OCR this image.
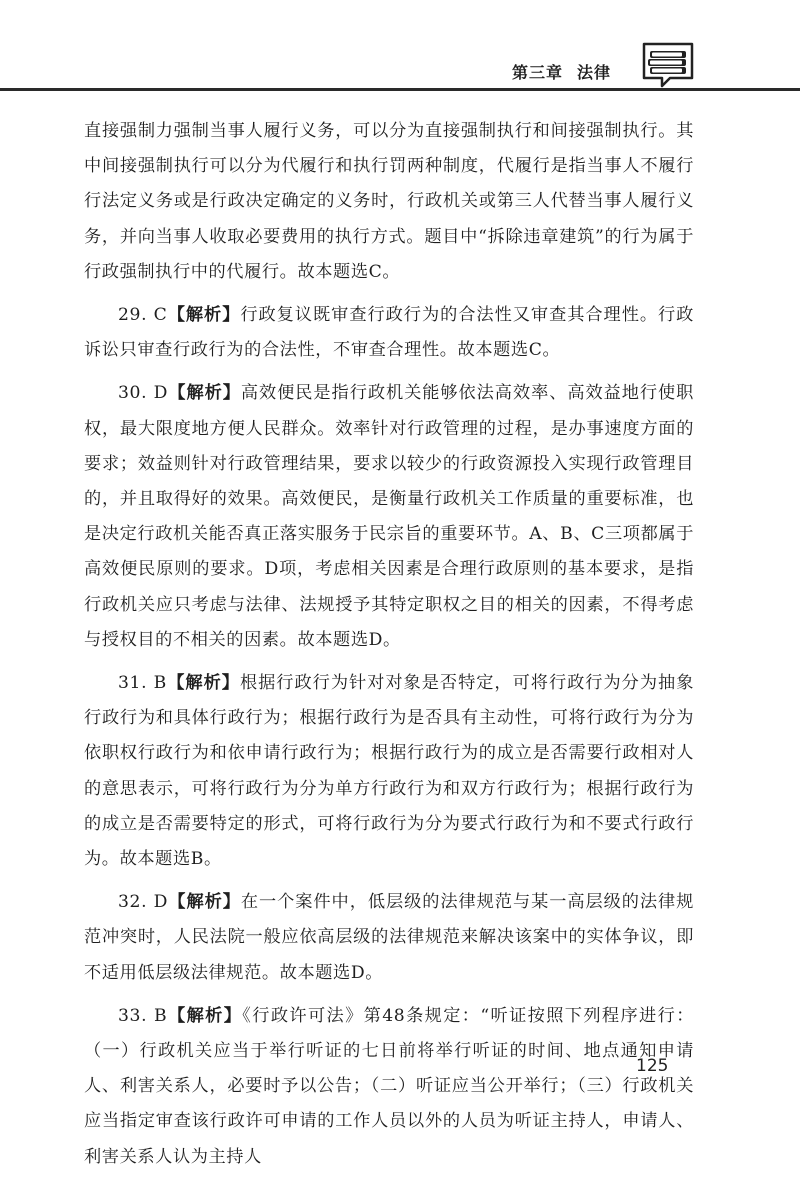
第三章 法律

直接强制力强制当事人履行义务，可以分为直接强制执行和间接强制执行。其中间接强制执行可以分为代履行和执行罚两种制度，代履行是指当事人不履行行法定义务或是行政决定确定的义务时，行政机关或第三人代替当事人履行义务，并向当事人收取必要费用的执行方式。题目中“拆除违章建筑”的行为属于行政强制执行中的代履行。故本题选C。

29. C【解析】行政复议既审查行政行为的合法性又审查其合理性。行政诉讼只审查行政行为的合法性，不审查合理性。故本题选C。

30. D【解析】高效便民是指行政机关能够依法高效率、高效益地行使职权，最大限度地方便人民群众。效率针对行政管理的过程，是办事速度方面的要求；效益则针对行政管理结果，要求以较少的行政资源投入实现行政管理目的，并且取得好的效果。高效便民，是衡量行政机关工作质量的重要标准，也是决定行政机关能否真正落实服务于民宗旨的重要环节。A、B、C三项都属于高效便民原则的要求。D项，考虑相关因素是合理行政原则的基本要求，是指行政机关应只考虑与法律、法规授予其特定职权之目的相关的因素，不得考虑与授权目的不相关的因素。故本题选D。

31. B【解析】根据行政行为针对对象是否特定，可将行政行为分为抽象行政行为和具体行政行为；根据行政行为是否具有主动性，可将行政行为分为依职权行政行为和依申请行政行为；根据行政行为的成立是否需要行政相对人的意思表示，可将行政行为分为单方行政行为和双方行政行为；根据行政行为的成立是否需要特定的形式，可将行政行为分为要式行政行为和不要式行政行为。故本题选B。

32. D【解析】在一个案件中，低层级的法律规范与某一高层级的法律规范冲突时，人民法院一般应依高层级的法律规范来解决该案中的实体争议，即不适用低层级法律规范。故本题选D。

33. B【解析】《行政许可法》第48条规定：“听证按照下列程序进行：（一）行政机关应当于举行听证的七日前将举行听证的时间、地点通知申请人、利害关系人，必要时予以公告；（二）听证应当公开举行；（三）行政机关应当指定审查该行政许可申请的工作人员以外的人员为听证主持人，申请人、利害关系人认为主持人

125
